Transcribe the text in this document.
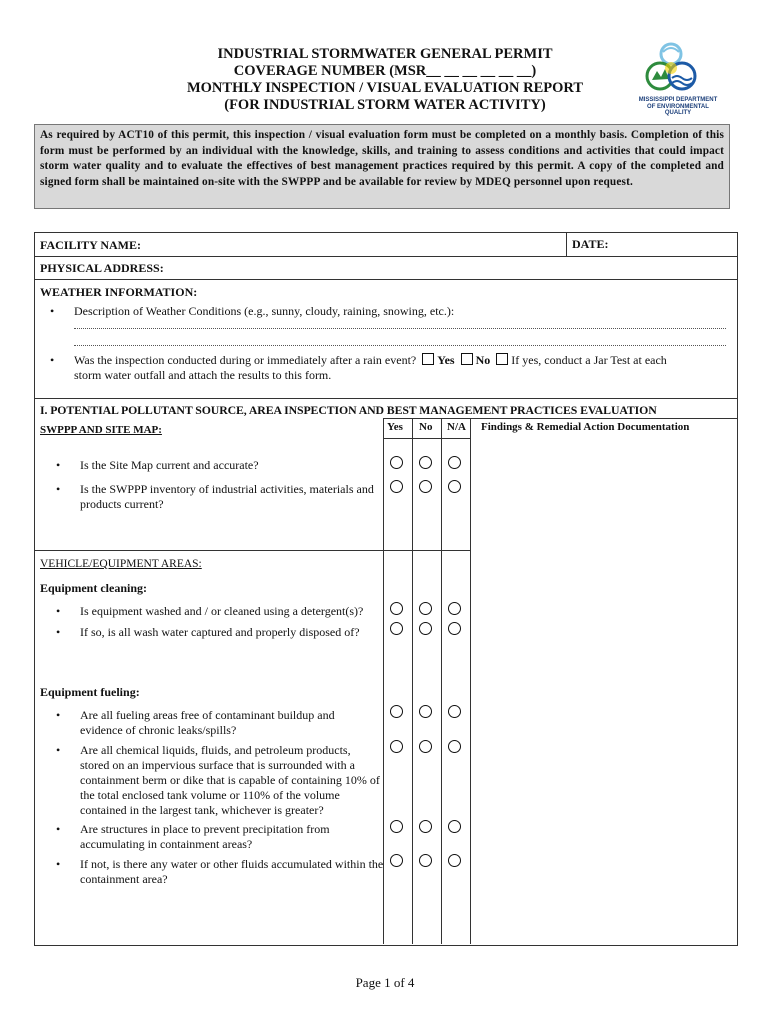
INDUSTRIAL STORMWATER GENERAL PERMIT
COVERAGE NUMBER (MSR__ __ __ __ __ __)
MONTHLY INSPECTION / VISUAL EVALUATION REPORT
(FOR INDUSTRIAL STORM WATER ACTIVITY)	MISSISSIPPI DEPARTMENT OF ENVIRONMENTAL QUALITY
As required by ACT10 of this permit, this inspection / visual evaluation form must be completed on a monthly basis. Completion of this form must be performed by an individual with the knowledge, skills, and training to assess conditions and activities that could impact storm water quality and to evaluate the effectives of best management practices required by this permit. A copy of the completed and signed form shall be maintained on-site with the SWPPP and be available for review by MDEQ personnel upon request.
FACILITY NAME:	DATE:
PHYSICAL ADDRESS:
WEATHER INFORMATION:
• Description of Weather Conditions (e.g., sunny, cloudy, raining, snowing, etc.):
• Was the inspection conducted during or immediately after a rain event? Yes No If yes, conduct a Jar Test at each
storm water outfall and attach the results to this form.
I. POTENTIAL POLLUTANT SOURCE, AREA INSPECTION AND BEST MANAGEMENT PRACTICES EVALUATION
SWPPP AND SITE MAP:	Yes No N/A Findings & Remedial Action Documentation
• Is the Site Map current and accurate?
• Is the SWPPP inventory of industrial activities, materials and products current?
VEHICLE/EQUIPMENT AREAS:
Equipment cleaning:
• Is equipment washed and / or cleaned using a detergent(s)?
• If so, is all wash water captured and properly disposed of?
Equipment fueling:
• Are all fueling areas free of contaminant buildup and evidence of chronic leaks/spills?
• Are all chemical liquids, fluids, and petroleum products, stored on an impervious surface that is surrounded with a containment berm or dike that is capable of containing 10% of the total enclosed tank volume or 110% of the volume contained in the largest tank, whichever is greater?
• Are structures in place to prevent precipitation from accumulating in containment areas?
• If not, is there any water or other fluids accumulated within the containment area?
Page 1 of 4
